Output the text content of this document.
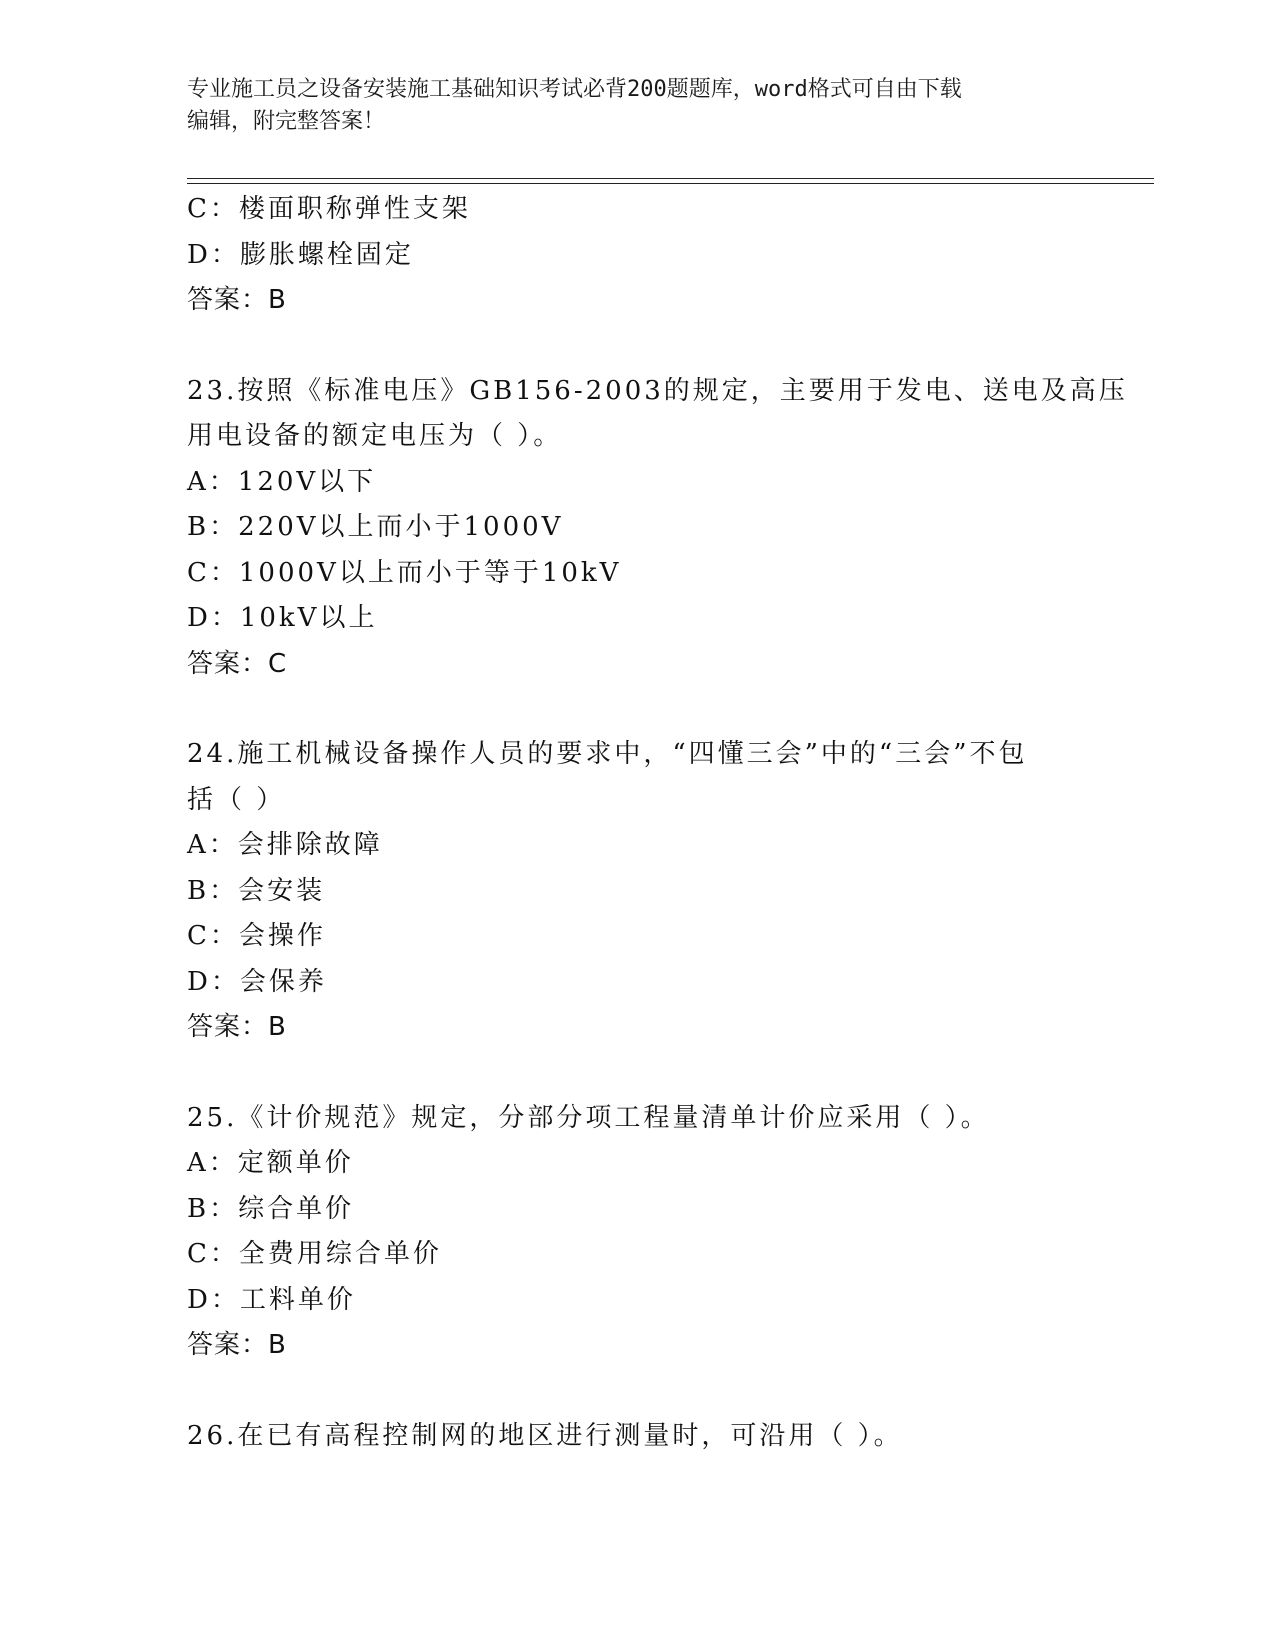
专业施工员之设备安装施工基础知识考试必背200题题库，word格式可自由下载
编辑，附完整答案！
C：楼面职称弹性支架
D：膨胀螺栓固定
答案：B
23.按照《标准电压》GB156-2003的规定，主要用于发电、送电及高压
用电设备的额定电压为（ ）。
A：120V以下
B：220V以上而小于1000V
C：1000V以上而小于等于10kV
D：10kV以上
答案：C
24.施工机械设备操作人员的要求中，“四懂三会”中的“三会”不包
括（ ）
A：会排除故障
B：会安装
C：会操作
D：会保养
答案：B
25.《计价规范》规定，分部分项工程量清单计价应采用（ ）。
A：定额单价
B：综合单价
C：全费用综合单价
D：工料单价
答案：B
26.在已有高程控制网的地区进行测量时，可沿用（ ）。
